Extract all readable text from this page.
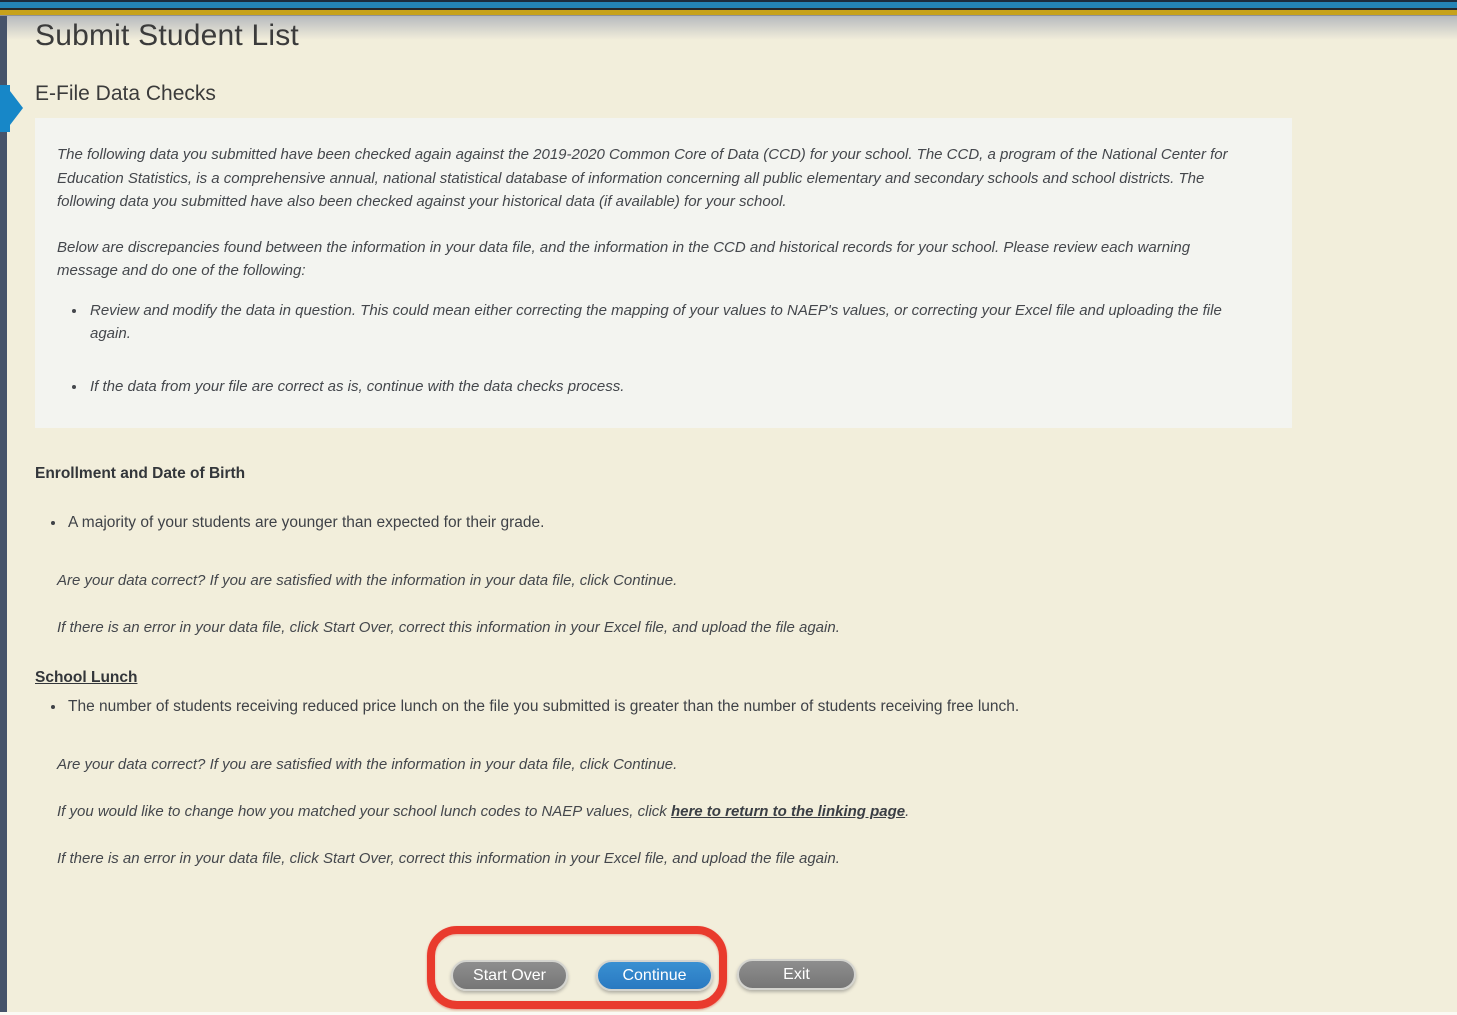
Submit Student List
E-File Data Checks

The following data you submitted have been checked again against the 2019-2020 Common Core of Data (CCD) for your school. The CCD, a program of the National Center for Education Statistics, is a comprehensive annual, national statistical database of information concerning all public elementary and secondary schools and school districts. The following data you submitted have also been checked against your historical data (if available) for your school.

Below are discrepancies found between the information in your data file, and the information in the CCD and historical records for your school. Please review each warning message and do one of the following:

• Review and modify the data in question. This could mean either correcting the mapping of your values to NAEP's values, or correcting your Excel file and uploading the file again.
• If the data from your file are correct as is, continue with the data checks process.
Enrollment and Date of Birth
• A majority of your students are younger than expected for their grade.

Are your data correct? If you are satisfied with the information in your data file, click Continue.

If there is an error in your data file, click Start Over, correct this information in your Excel file, and upload the file again.

School Lunch
• The number of students receiving reduced price lunch on the file you submitted is greater than the number of students receiving free lunch.

Are your data correct? If you are satisfied with the information in your data file, click Continue.

If you would like to change how you matched your school lunch codes to NAEP values, click here to return to the linking page.

If there is an error in your data file, click Start Over, correct this information in your Excel file, and upload the file again.

Start Over	Continue	Exit
